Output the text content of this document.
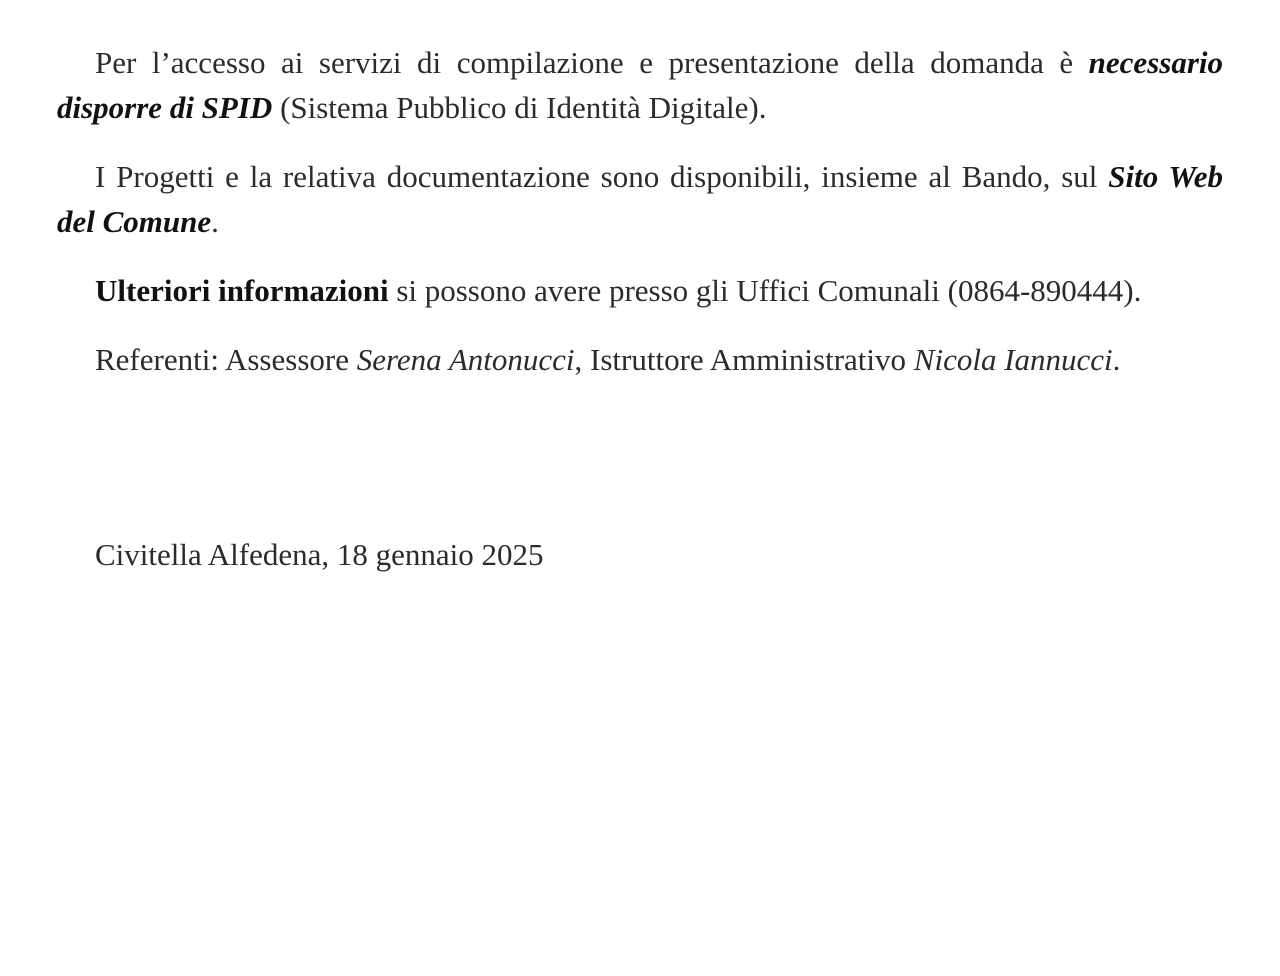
Per l’accesso ai servizi di compilazione e presentazione della domanda è necessario disporre di SPID (Sistema Pubblico di Identità Digitale).

I Progetti e la relativa documentazione sono disponibili, insieme al Bando, sul Sito Web del Comune.

Ulteriori informazioni si possono avere presso gli Uffici Comunali (0864-890444).

Referenti: Assessore Serena Antonucci, Istruttore Amministrativo Nicola Iannucci.

Civitella Alfedena, 18 gennaio 2025
